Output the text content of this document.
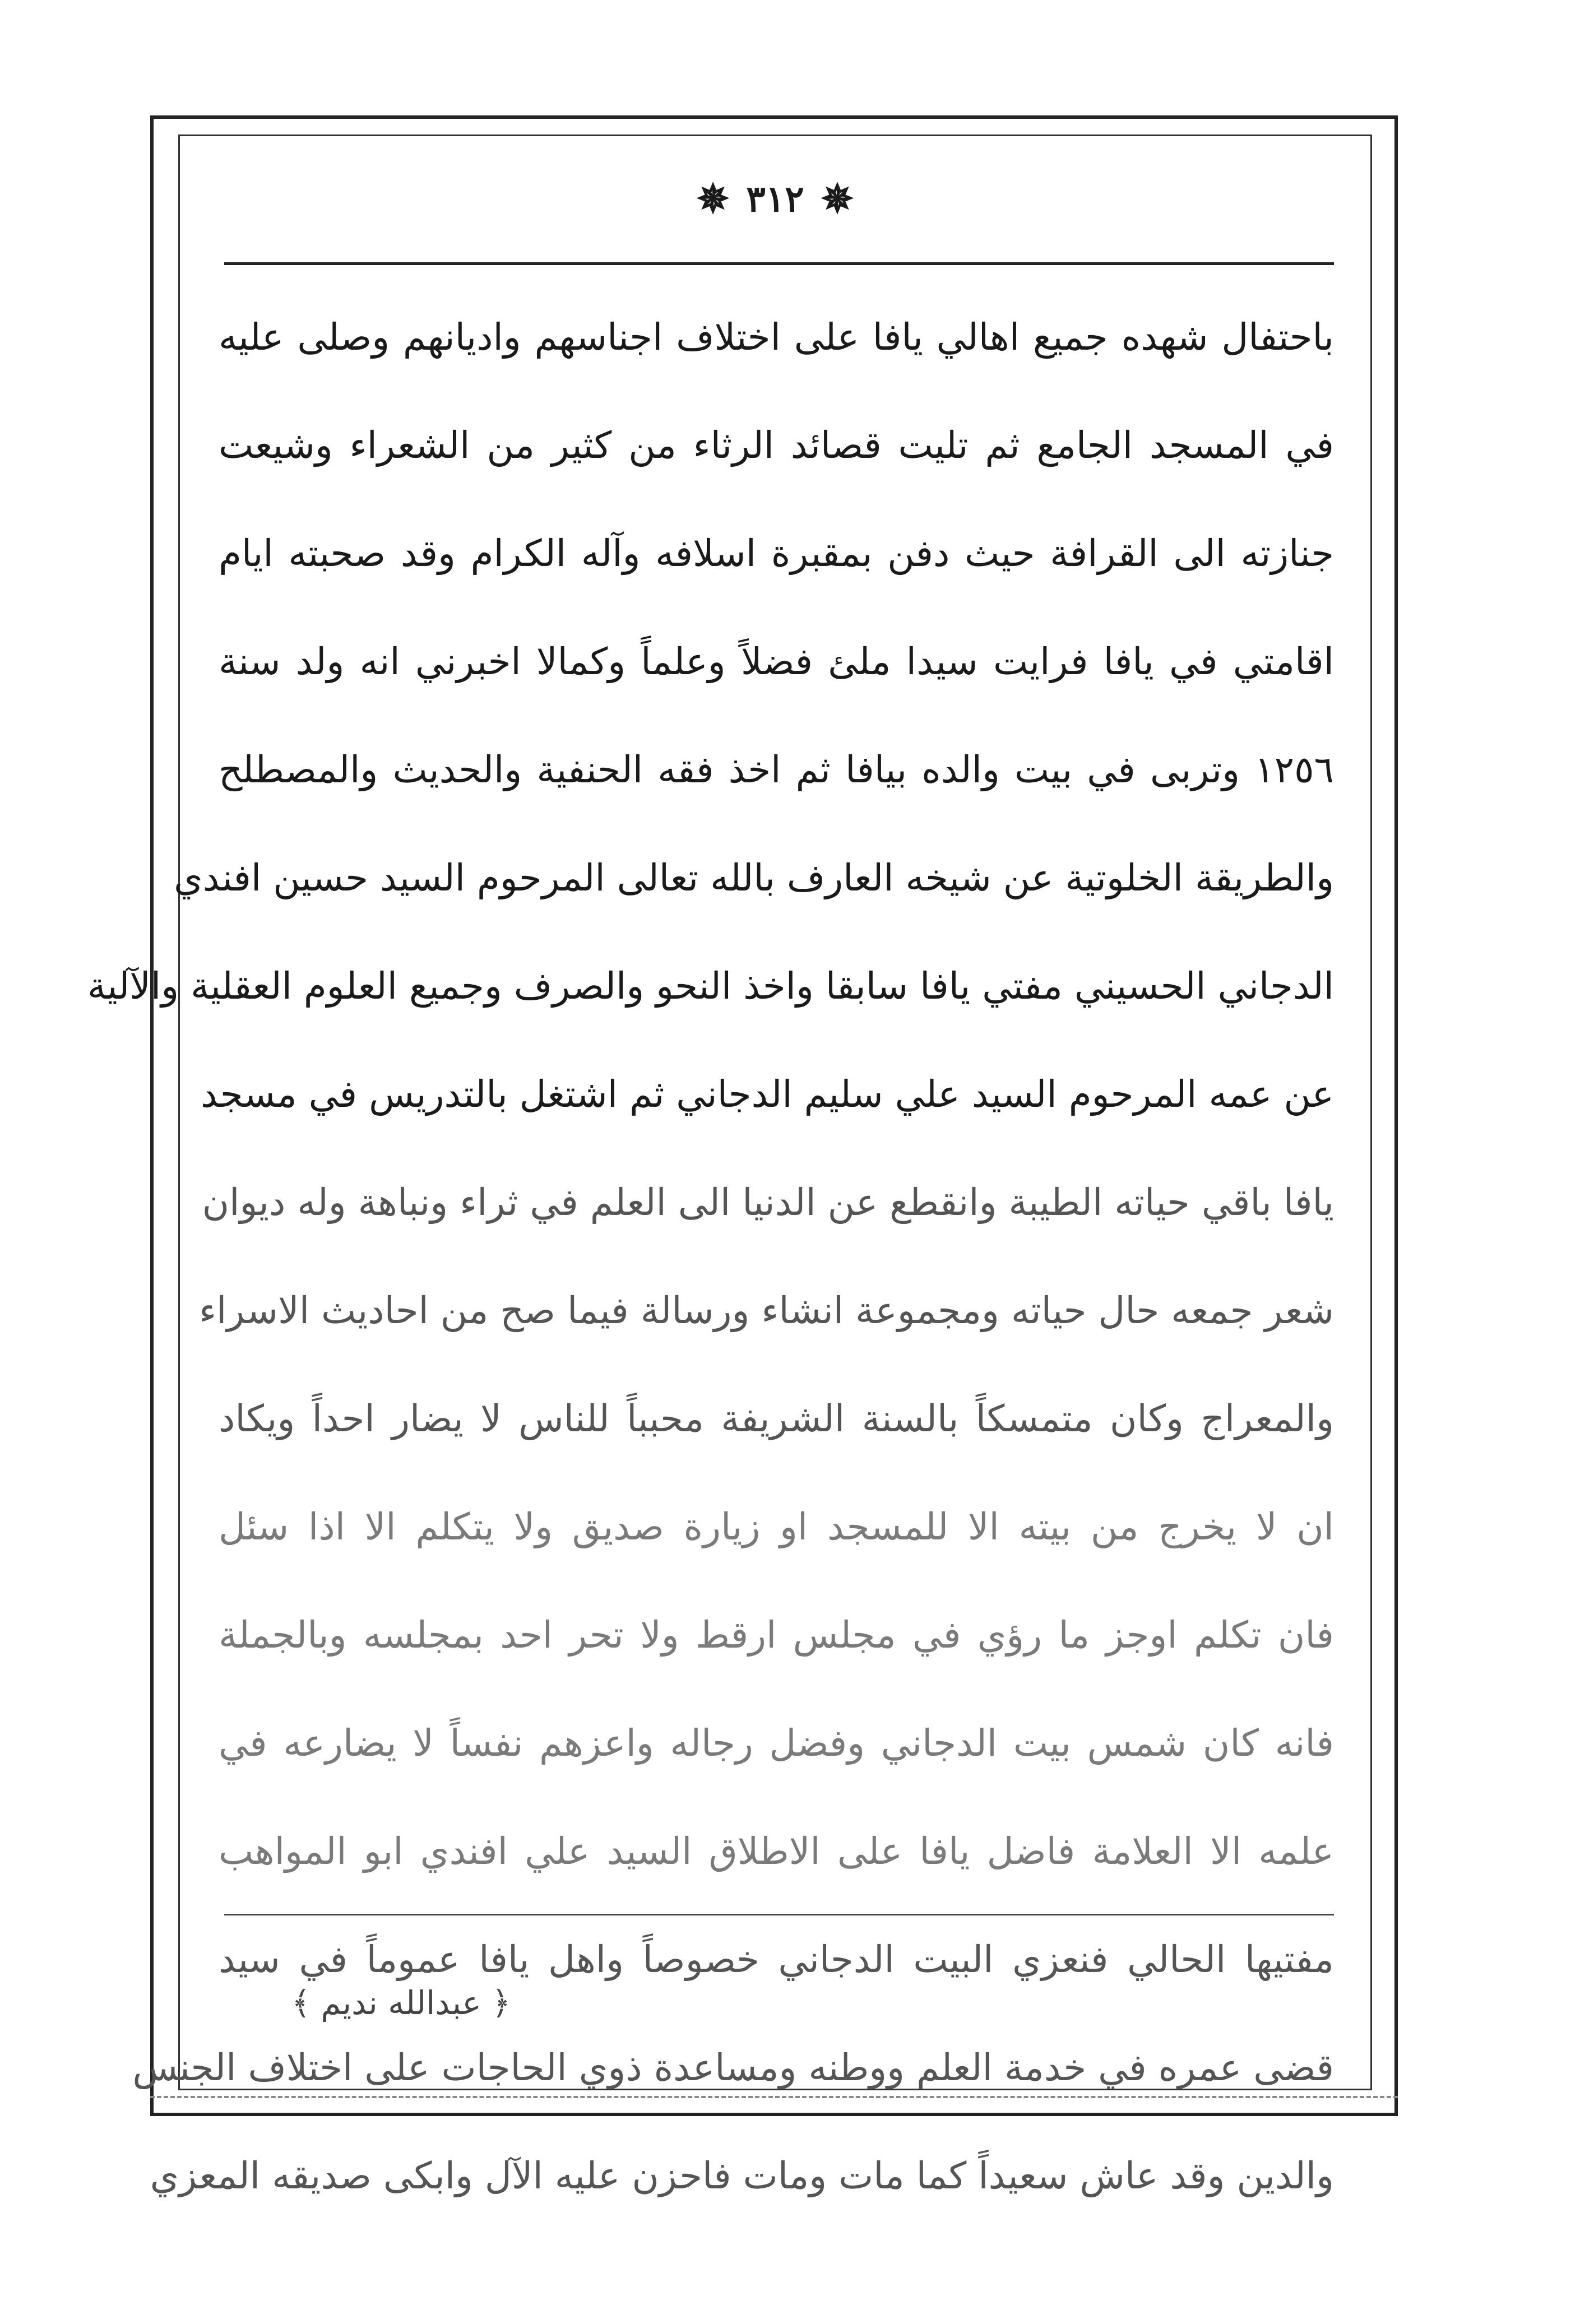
✵
٣١٢
✵
باحتفال شهده جميع اهالي يافا على اختلاف اجناسهم واديانهم وصلى عليه
في المسجد الجامع ثم تليت قصائد الرثاء من كثير من الشعراء وشيعت
جنازته الى القرافة حيث دفن بمقبرة اسلافه وآله الكرام وقد صحبته ايام
اقامتي في يافا فرايت سيدا ملئ فضلاً وعلماً وكمالا اخبرني انه ولد سنة
١٢٥٦ وتربى في بيت والده بيافا ثم اخذ فقه الحنفية والحديث والمصطلح
والطريقة الخلوتية عن شيخه العارف بالله تعالى المرحوم السيد حسين افندي
الدجاني الحسيني مفتي يافا سابقا واخذ النحو والصرف وجميع العلوم العقلية والآلية
عن عمه المرحوم السيد علي سليم الدجاني ثم اشتغل بالتدريس في مسجد
يافا باقي حياته الطيبة وانقطع عن الدنيا الى العلم في ثراء ونباهة وله ديوان
شعر جمعه حال حياته ومجموعة انشاء ورسالة فيما صح من احاديث الاسراء
والمعراج وكان متمسكاً بالسنة الشريفة محبباً للناس لا يضار احداً ويكاد
ان لا يخرج من بيته الا للمسجد او زيارة صديق ولا يتكلم الا اذا سئل
فان تكلم اوجز ما رؤي في مجلس ارقط ولا تحر احد بمجلسه وبالجملة
فانه كان شمس بيت الدجاني وفضل رجاله واعزهم نفساً لا يضارعه في
علمه الا العلامة فاضل يافا على الاطلاق السيد علي افندي ابو المواهب
مفتيها الحالي فنعزي البيت الدجاني خصوصاً واهل يافا عموماً في سيد
قضى عمره في خدمة العلم ووطنه ومساعدة ذوي الحاجات على اختلاف الجنس
والدين وقد عاش سعيداً كما مات ومات فاحزن عليه الآل وابكى صديقه المعزي
﴿ عبدالله نديم ﴾
